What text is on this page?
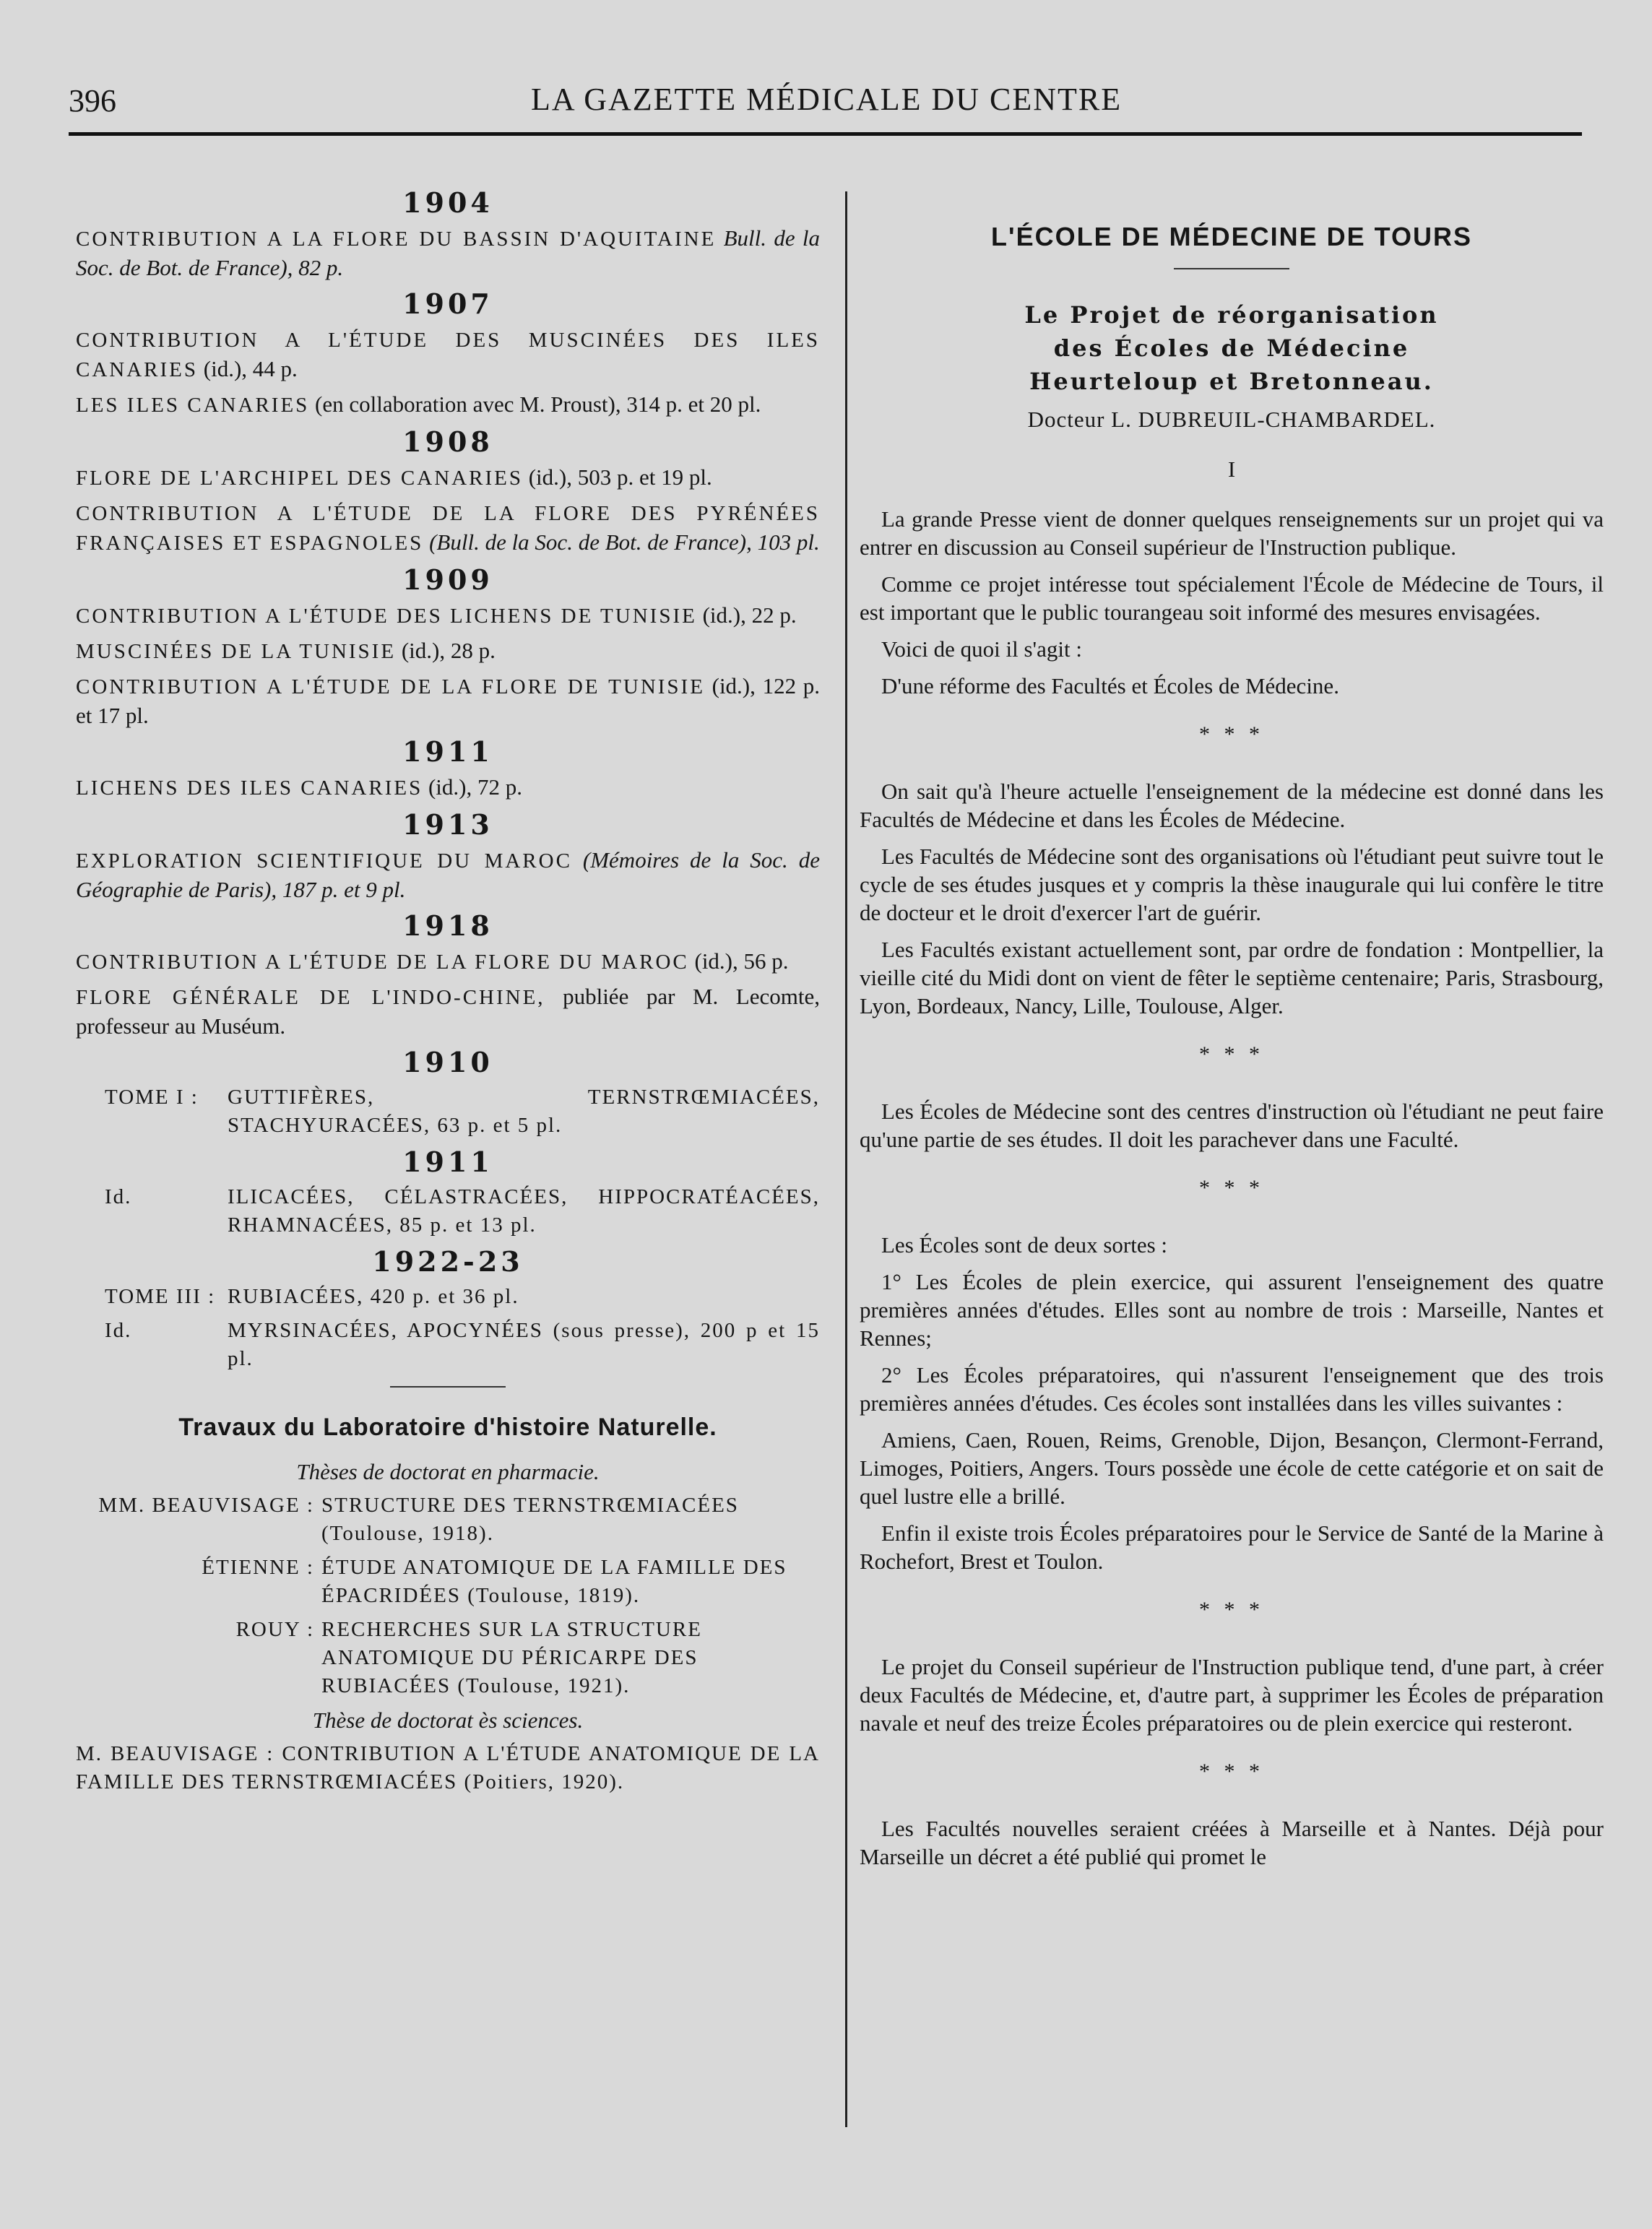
396	LA GAZETTE MÉDICALE DU CENTRE
1904
CONTRIBUTION A LA FLORE DU BASSIN D'AQUITAINE Bull. de la Soc. de Bot. de France), 82 p.
1907
CONTRIBUTION A L'ÉTUDE DES MUSCINÉES DES ILES CANARIES (id.), 44 p.
LES ILES CANARIES (en collaboration avec M. Proust), 314 p. et 20 pl.
1908
FLORE DE L'ARCHIPEL DES CANARIES (id.), 503 p. et 19 pl.
CONTRIBUTION A L'ÉTUDE DE LA FLORE DES PYRÉNÉES FRANÇAISES ET ESPAGNOLES (Bull. de la Soc. de Bot. de France), 103 pl.
1909
CONTRIBUTION A L'ÉTUDE DES LICHENS DE TUNISIE (id.), 22 p.
MUSCINÉES DE LA TUNISIE (id.), 28 p.
CONTRIBUTION A L'ÉTUDE DE LA FLORE DE TUNISIE (id.), 122 p. et 17 pl.
1911
LICHENS DES ILES CANARIES (id.), 72 p.
1913
EXPLORATION SCIENTIFIQUE DU MAROC (Mémoires de la Soc. de Géographie de Paris), 187 p. et 9 pl.
1918
CONTRIBUTION A L'ÉTUDE DE LA FLORE DU MAROC (id.), 56 p.
FLORE GÉNÉRALE DE L'INDO-CHINE, publiée par M. Lecomte, professeur au Muséum.
1910
TOME I :	GUTTIFÈRES, TERNSTRŒMIACÉES, STACHYURACÉES, 63 p. et 5 pl.
1911
Id.	ILICACÉES, CÉLASTRACÉES, HIPPOCRATÉACÉES, RHAMNACÉES, 85 p. et 13 pl.
1922-23
TOME III : RUBIACÉES, 420 p. et 36 pl.
Id.	MYRSINACÉES, APOCYNÉES (sous presse), 200 p et 15 pl.
Travaux du Laboratoire d'histoire Naturelle.
Thèses de doctorat en pharmacie.
MM. BEAUVISAGE : STRUCTURE DES TERNSTRŒMIACÉES (Toulouse, 1918).
ÉTIENNE : ÉTUDE ANATOMIQUE DE LA FAMILLE DES ÉPACRIDÉES (Toulouse, 1819).
ROUY : RECHERCHES SUR LA STRUCTURE ANATOMIQUE DU PÉRICARPE DES RUBIACÉES (Toulouse, 1921).
Thèse de doctorat ès sciences.
M. BEAUVISAGE : CONTRIBUTION A L'ÉTUDE ANATOMIQUE DE LA FAMILLE DES TERNSTRŒMIACÉES (Poitiers, 1920).
L'ÉCOLE DE MÉDECINE DE TOURS
Le Projet de réorganisation
des Écoles de Médecine
Heurteloup et Bretonneau.
Docteur L. DUBREUIL-CHAMBARDEL.
I

La grande Presse vient de donner quelques renseignements sur un projet qui va entrer en discussion au Conseil supérieur de l'Instruction publique.

Comme ce projet intéresse tout spécialement l'École de Médecine de Tours, il est important que le public tourangeau soit informé des mesures envisagées.

Voici de quoi il s'agit :

D'une réforme des Facultés et Écoles de Médecine.

* * *

On sait qu'à l'heure actuelle l'enseignement de la médecine est donné dans les Facultés de Médecine et dans les Écoles de Médecine.

Les Facultés de Médecine sont des organisations où l'étudiant peut suivre tout le cycle de ses études jusques et y compris la thèse inaugurale qui lui confère le titre de docteur et le droit d'exercer l'art de guérir.

Les Facultés existant actuellement sont, par ordre de fondation : Montpellier, la vieille cité du Midi dont on vient de fêter le septième centenaire; Paris, Strasbourg, Lyon, Bordeaux, Nancy, Lille, Toulouse, Alger.

* * *

Les Écoles de Médecine sont des centres d'instruction où l'étudiant ne peut faire qu'une partie de ses études. Il doit les parachever dans une Faculté.

* * *

Les Écoles sont de deux sortes :

1° Les Écoles de plein exercice, qui assurent l'enseignement des quatre premières années d'études. Elles sont au nombre de trois : Marseille, Nantes et Rennes;

2° Les Écoles préparatoires, qui n'assurent l'enseignement que des trois premières années d'études. Ces écoles sont installées dans les villes suivantes :

Amiens, Caen, Rouen, Reims, Grenoble, Dijon, Besançon, Clermont-Ferrand, Limoges, Poitiers, Angers. Tours possède une école de cette catégorie et on sait de quel lustre elle a brillé.

Enfin il existe trois Écoles préparatoires pour le Service de Santé de la Marine à Rochefort, Brest et Toulon.

* * *

Le projet du Conseil supérieur de l'Instruction publique tend, d'une part, à créer deux Facultés de Médecine, et, d'autre part, à supprimer les Écoles de préparation navale et neuf des treize Écoles préparatoires ou de plein exercice qui resteront.

* * *

Les Facultés nouvelles seraient créées à Marseille et à Nantes. Déjà pour Marseille un décret a été publié qui promet le
